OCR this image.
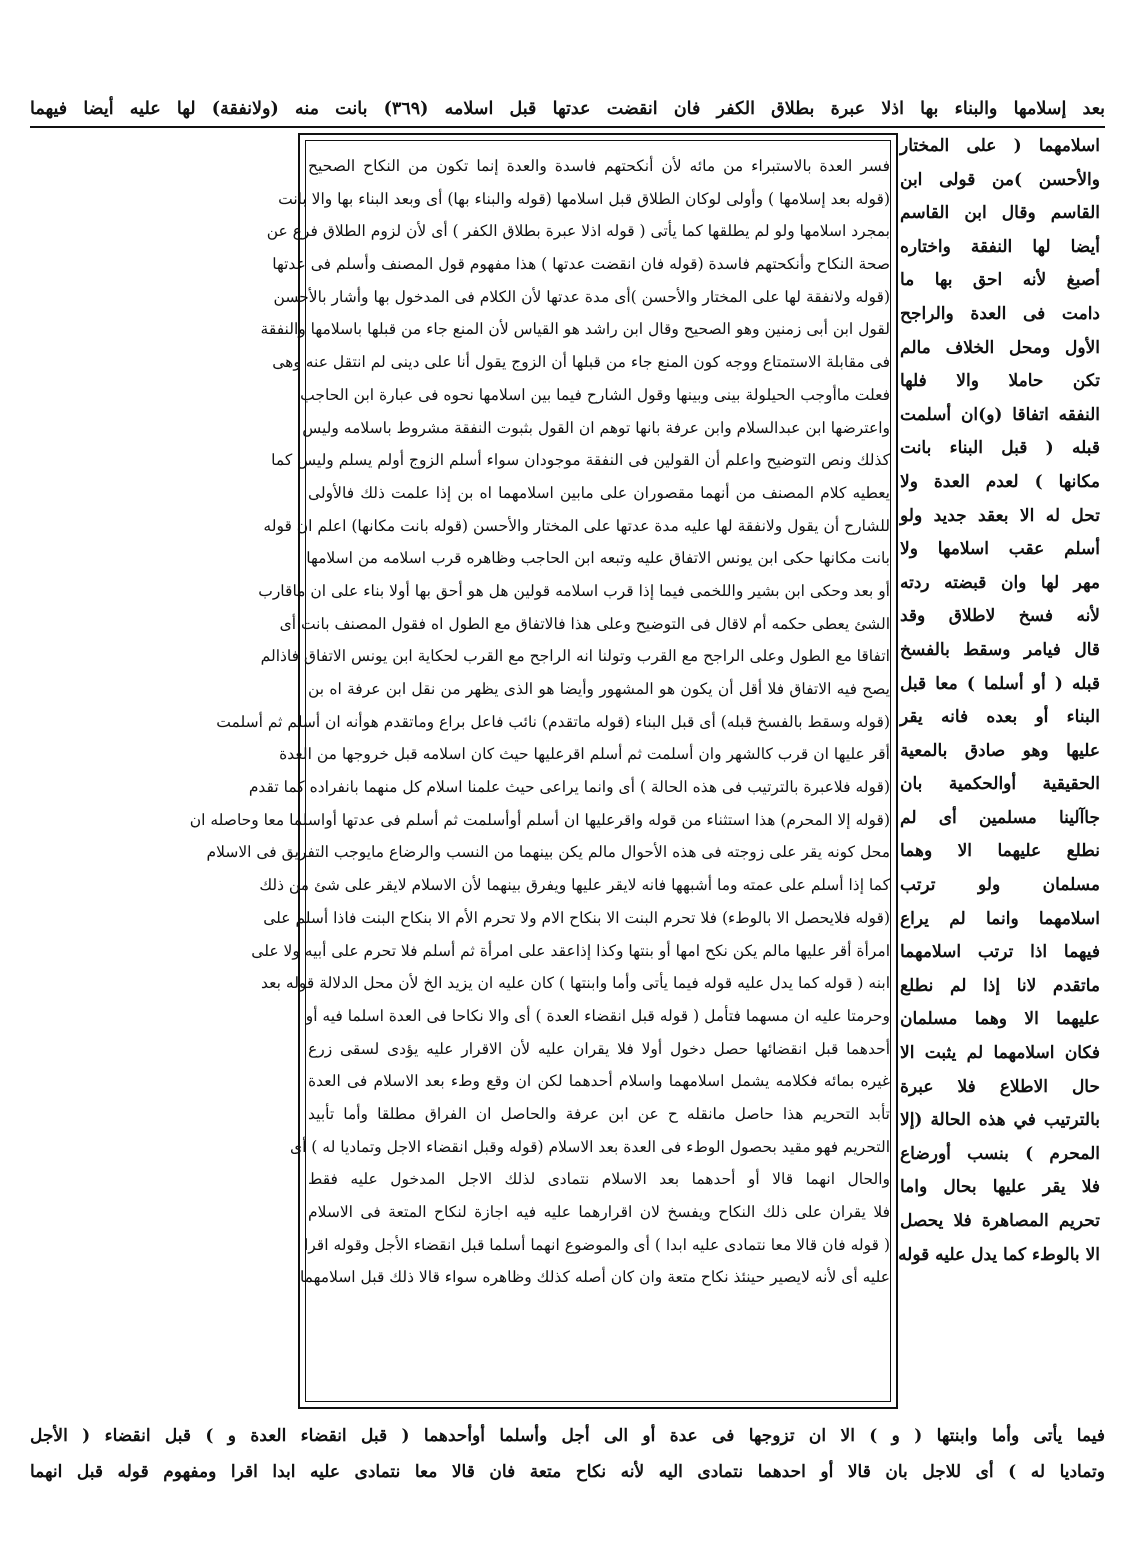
بعد إسلامها والبناء بها اذلا عبرة بطلاق الكفر فان انقضت عدتها قبل اسلامه (٣٦٩) بانت منه (ولانفقة) لها عليه أيضا فيهما
اسلامهما ( على المختار
والأحسن )من قولى ابن
القاسم وقال ابن القاسم
أيضا لها النفقة واختاره
أصبغ لأنه احق بها ما
دامت فى العدة والراجح
الأول ومحل الخلاف مالم
تكن حاملا والا فلها
النفقه اتفاقا (و)ان أسلمت
قبله ( قبل البناء بانت
مكانها ) لعدم العدة ولا
تحل له الا بعقد جديد ولو
أسلم عقب اسلامها ولا
مهر لها وان قبضته ردته
لأنه فسخ لاطلاق وقد
قال فيامر وسقط بالفسخ
قبله ( أو أسلما ) معا قبل
البناء أو بعده فانه يقر
عليها وهو صادق بالمعية
الحقيقية أوالحكمية بان
جاآلينا مسلمين أى لم
نطلع عليهما الا وهما
مسلمان ولو ترتب
اسلامهما وانما لم يراع
فيهما اذا ترتب اسلامهما
ماتقدم لانا إذا لم نطلع
عليهما الا وهما مسلمان
فكان اسلامهما لم يثبت الا
حال الاطلاع فلا عبرة
بالترتيب في هذه الحالة (إلا
المحرم ) بنسب أورضاع
فلا يقر عليها بحال واما
تحريم المصاهرة فلا يحصل
الا بالوطء كما يدل عليه قوله
فسر العدة بالاستبراء من مائه لأن أنكحتهم فاسدة والعدة إنما تكون من النكاح الصحيح
(قوله بعد إسلامها ) وأولى لوكان الطلاق قبل اسلامها (قوله والبناء بها) أى وبعد البناء بها والا بانت
بمجرد اسلامها ولو لم يطلقها كما يأتى ( قوله اذلا عبرة بطلاق الكفر ) أى لأن لزوم الطلاق فرع عن
صحة النكاح وأنكحتهم فاسدة (قوله فان انقضت عدتها ) هذا مفهوم قول المصنف وأسلم فى عدتها
(قوله ولانفقة لها على المختار والأحسن )أى مدة عدتها لأن الكلام فى المدخول بها وأشار بالأحسن
لقول ابن أبى زمنين وهو الصحيح وقال ابن راشد هو القياس لأن المنع جاء من قبلها باسلامها والنفقة
فى مقابلة الاستمتاع ووجه كون المنع جاء من قبلها أن الزوج يقول أنا على دينى لم انتقل عنه وهى
فعلت ماأوجب الحيلولة بينى وبينها وقول الشارح فيما بين اسلامها نحوه فى عبارة ابن الحاجب
واعترضها ابن عبدالسلام وابن عرفة بانها توهم ان القول بثبوت النفقة مشروط باسلامه وليس
كذلك ونص التوضيح واعلم أن القولين فى النفقة موجودان سواء أسلم الزوج أولم يسلم وليس كما
يعطيه كلام المصنف من أنهما مقصوران على مابين اسلامهما اه بن إذا علمت ذلك فالأولى
للشارح أن يقول ولانفقة لها عليه مدة عدتها على المختار والأحسن (قوله بانت مكانها) اعلم ان قوله
بانت مكانها حكى ابن يونس الاتفاق عليه وتبعه ابن الحاجب وظاهره قرب اسلامه من اسلامها
أو بعد وحكى ابن بشير واللخمى فيما إذا قرب اسلامه قولين هل هو أحق بها أولا بناء على ان ماقارب
الشئ يعطى حكمه أم لاقال فى التوضيح وعلى هذا فالاتفاق مع الطول اه فقول المصنف بانت أى
اتفاقا مع الطول وعلى الراجح مع القرب وتولنا انه الراجح مع القرب لحكاية ابن يونس الاتفاق فاذالم
يصح فيه الاتفاق فلا أقل أن يكون هو المشهور وأيضا هو الذى يظهر من نقل ابن عرفة اه بن
(قوله وسقط بالفسخ قبله) أى قبل البناء (قوله ماتقدم) نائب فاعل براع وماتقدم هوأنه ان أسلم ثم أسلمت
أقر عليها ان قرب كالشهر وان أسلمت ثم أسلم اقرعليها حيث كان اسلامه قبل خروجها من العدة
(قوله فلاعبرة بالترتيب فى هذه الحالة ) أى وانما يراعى حيث علمنا اسلام كل منهما بانفراده كما تقدم
(قوله إلا المحرم) هذا استثناء من قوله واقرعليها ان أسلم أوأسلمت ثم أسلم فى عدتها أواسلما معا وحاصله ان
محل كونه يقر على زوجته فى هذه الأحوال مالم يكن بينهما من النسب والرضاع مايوجب التفريق فى الاسلام
كما إذا أسلم على عمته وما أشبهها فانه لايقر عليها ويفرق بينهما لأن الاسلام لايقر على شئ من ذلك
(قوله فلايحصل الا بالوطء) فلا تحرم البنت الا بنكاح الام ولا تحرم الأم الا بنكاح البنت فاذا أسلم على
امرأة أقر عليها مالم يكن نكح امها أو بنتها وكذا إذاعقد على امرأة ثم أسلم فلا تحرم على أبيه ولا على
ابنه ( قوله كما يدل عليه قوله فيما يأتى وأما وابنتها ) كان عليه ان يزيد الخ لأن محل الدلالة قوله بعد
وحرمتا عليه ان مسهما فتأمل ( قوله قبل انقضاء العدة ) أى والا نكاحا فى العدة اسلما فيه أو
أحدهما قبل انقضائها حصل دخول أولا فلا يقران عليه لأن الاقرار عليه يؤدى لسقى زرع
غيره بمائه فكلامه يشمل اسلامهما واسلام أحدهما لكن ان وقع وطء بعد الاسلام فى العدة
تأبد التحريم هذا حاصل مانقله ح عن ابن عرفة والحاصل ان الفراق مطلقا وأما تأبيد
التحريم فهو مقيد بحصول الوطء فى العدة بعد الاسلام (قوله وقبل انقضاء الاجل وتماديا له ) أى
والحال انهما قالا أو أحدهما بعد الاسلام نتمادى لذلك الاجل المدخول عليه فقط
فلا يقران على ذلك النكاح ويفسخ لان اقرارهما عليه فيه اجازة لنكاح المتعة فى الاسلام
( قوله فان قالا معا نتمادى عليه ابدا ) أى والموضوع انهما أسلما قبل انقضاء الأجل وقوله اقرا
عليه أى لأنه لايصير حينئذ نكاح متعة وان كان أصله كذلك وظاهره سواء قالا ذلك قبل اسلامهما
فيما يأتى وأما وابنتها ( و ) الا ان تزوجها فى عدة أو الى أجل وأسلما أوأحدهما ( قبل انقضاء العدة و ) قبل انقضاء ( الأجل
وتماديا له ) أى للاجل بان قالا أو احدهما نتمادى اليه لأنه نكاح متعة فان قالا معا نتمادى عليه ابدا اقرا ومفهوم قوله قبل انهما
